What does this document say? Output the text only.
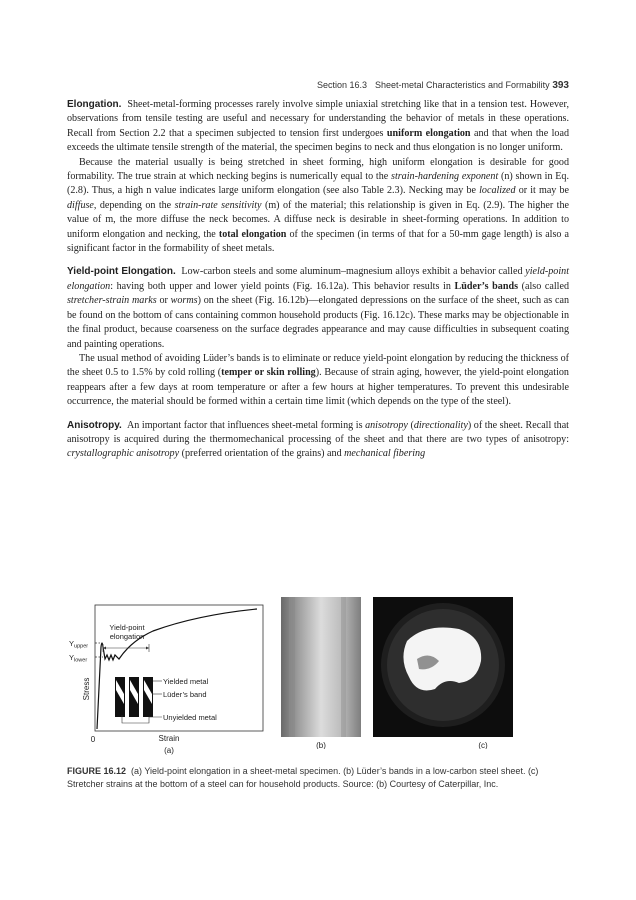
Section 16.3 Sheet-metal Characteristics and Formability 393

Elongation. Sheet-metal-forming processes rarely involve simple uniaxial stretching like that in a tension test. However, observations from tensile testing are useful and necessary for understanding the behavior of metals in these operations. Recall from Section 2.2 that a specimen subjected to tension first undergoes uniform elongation and that when the load exceeds the ultimate tensile strength of the material, the specimen begins to neck and thus elongation is no longer uniform.

Because the material usually is being stretched in sheet forming, high uniform elongation is desirable for good formability. The true strain at which necking begins is numerically equal to the strain-hardening exponent (n) shown in Eq. (2.8). Thus, a high n value indicates large uniform elongation (see also Table 2.3). Necking may be localized or it may be diffuse, depending on the strain-rate sensitivity (m) of the material; this relationship is given in Eq. (2.9). The higher the value of m, the more diffuse the neck becomes. A diffuse neck is desirable in sheet-forming operations. In addition to uniform elongation and necking, the total elongation of the specimen (in terms of that for a 50-mm gage length) is also a significant factor in the formability of sheet metals.

Yield-point Elongation. Low-carbon steels and some aluminum–magnesium alloys exhibit a behavior called yield-point elongation: having both upper and lower yield points (Fig. 16.12a). This behavior results in Lüder’s bands (also called stretcher-strain marks or worms) on the sheet (Fig. 16.12b)—elongated depressions on the surface of the sheet, such as can be found on the bottom of cans containing common household products (Fig. 16.12c). These marks may be objectionable in the final product, because coarseness on the surface degrades appearance and may cause difficulties in subsequent coating and painting operations.

The usual method of avoiding Lüder’s bands is to eliminate or reduce yield-point elongation by reducing the thickness of the sheet 0.5 to 1.5% by cold rolling (temper or skin rolling). Because of strain aging, however, the yield-point elongation reappears after a few days at room temperature or after a few hours at higher temperatures. To prevent this undesirable occurrence, the material should be formed within a certain time limit (which depends on the type of the steel).

Anisotropy. An important factor that influences sheet-metal forming is anisotropy (directionality) of the sheet. Recall that anisotropy is acquired during the thermomechanical processing of the sheet and that there are two types of anisotropy: crystallographic anisotropy (preferred orientation of the grains) and mechanical fibering

Yield-point
elongation
$Y_{upper}$
$Y_{lower}$
Stress	Yielded metal
Lüder’s band
Unyielded metal
0	Strain
(a)
(b)	(c)
FIGURE 16.12 (a) Yield-point elongation in a sheet-metal specimen. (b) Lüder’s bands in a low-carbon steel sheet. (c) Stretcher strains at the bottom of a steel can for household products. Source: (b) Courtesy of Caterpillar, Inc.
